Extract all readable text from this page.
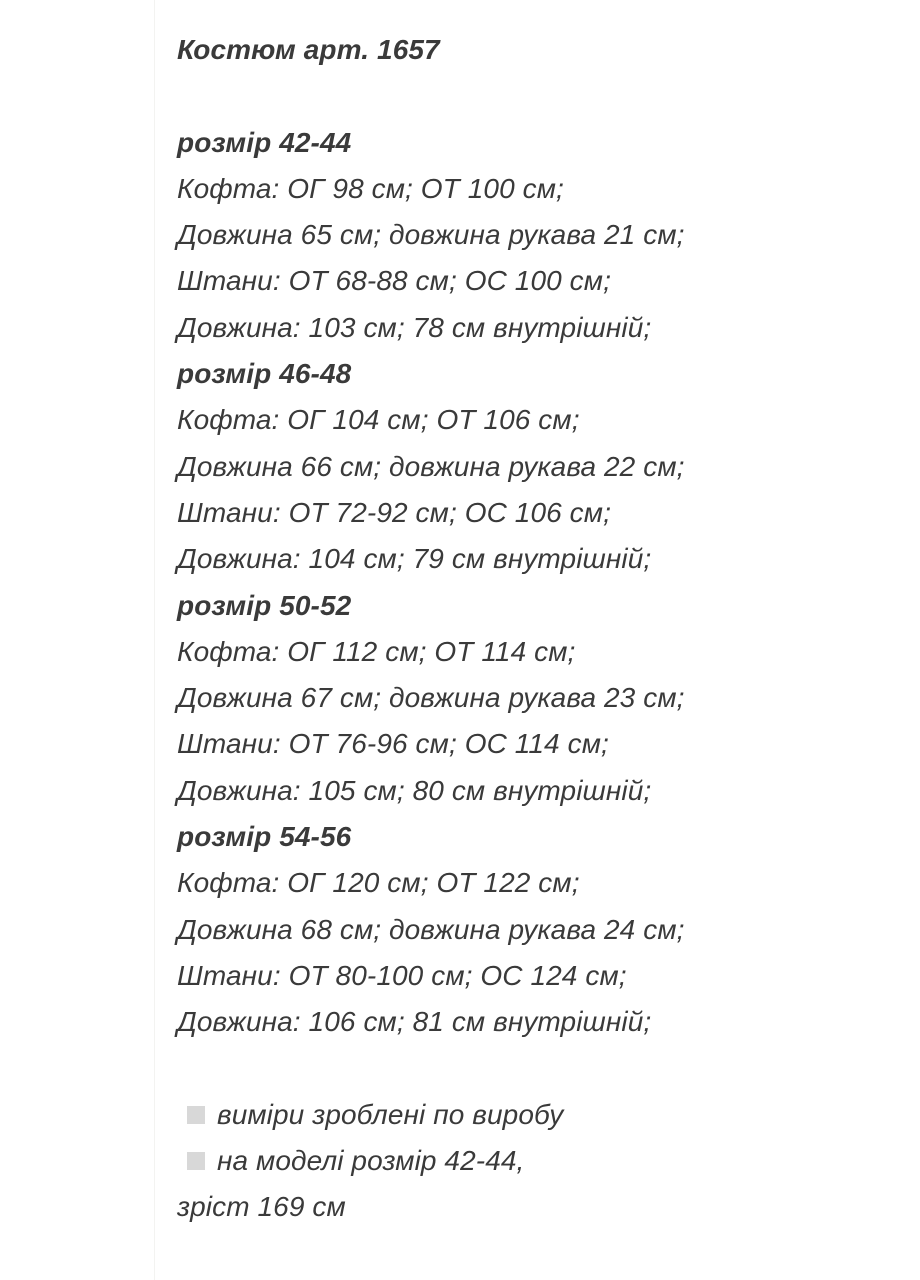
Костюм арт. 1657
розмір 42-44
Кофта: ОГ 98 см; ОТ 100 см;
Довжина 65 см; довжина рукава 21 см;
Штани: ОТ 68-88 см; ОС 100 см;
Довжина: 103 см; 78 см внутрішній;
розмір 46-48
Кофта: ОГ 104 см; ОТ 106 см;
Довжина 66 см; довжина рукава 22 см;
Штани: ОТ 72-92 см; ОС 106 см;
Довжина: 104 см; 79 см внутрішній;
розмір 50-52
Кофта: ОГ 112 см; ОТ 114 см;
Довжина 67 см; довжина рукава 23 см;
Штани: ОТ 76-96 см; ОС 114 см;
Довжина: 105 см; 80 см внутрішній;
розмір 54-56
Кофта: ОГ 120 см; ОТ 122 см;
Довжина 68 см; довжина рукава 24 см;
Штани: ОТ 80-100 см; ОС 124 см;
Довжина: 106 см; 81 см внутрішній;
виміри зроблені по виробу
на моделі розмір 42-44,
зріст 169 см
